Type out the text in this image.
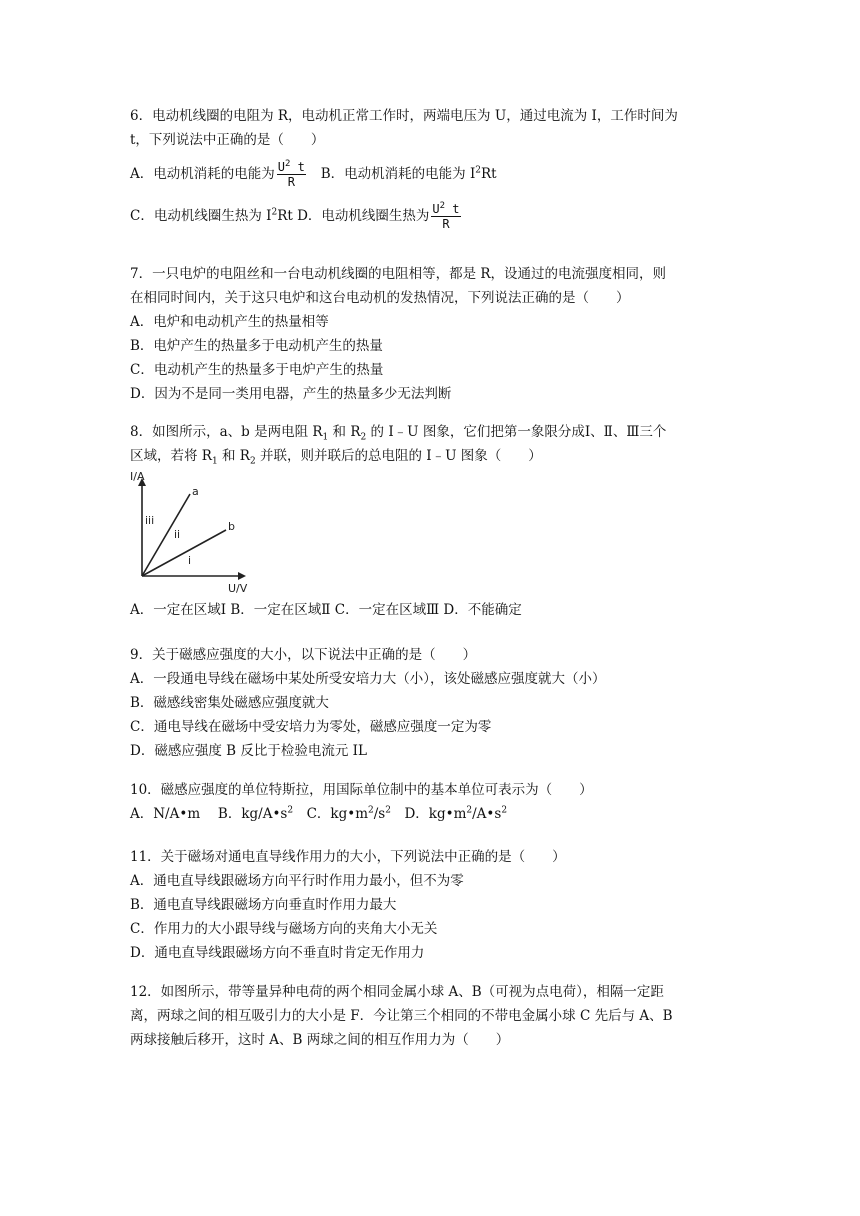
6．电动机线圈的电阻为 R，电动机正常工作时，两端电压为 U，通过电流为 I，工作时间为
t，下列说法中正确的是（　　）
A．电动机消耗的电能为 $\frac{U^2 t}{R}$ B．电动机消耗的电能为 $I^2Rt$
C．电动机线圈生热为 $I^2Rt$ D．电动机线圈生热为 $\frac{U^2 t}{R}$
7．一只电炉的电阻丝和一台电动机线圈的电阻相等，都是 R，设通过的电流强度相同，则
在相同时间内，关于这只电炉和这台电动机的发热情况，下列说法正确的是（　　）
A．电炉和电动机产生的热量相等
B．电炉产生的热量多于电动机产生的热量
C．电动机产生的热量多于电炉产生的热量
D．因为不是同一类用电器，产生的热量多少无法判断
8．如图所示，a、b 是两电阻 $R_1$ 和 $R_2$ 的 I﹣U 图象，它们把第一象限分成Ⅰ、Ⅱ、Ⅲ三个
区域，若将 $R_1$ 和 $R_2$ 并联，则并联后的总电阻的 I﹣U 图象（　　）
I/A
U/V
a
b
iii
ii
i
A．一定在区域Ⅰ B．一定在区域Ⅱ C．一定在区域Ⅲ D．不能确定
9．关于磁感应强度的大小，以下说法中正确的是（　　）
A．一段通电导线在磁场中某处所受安培力大（小），该处磁感应强度就大（小）
B．磁感线密集处磁感应强度就大
C．通电导线在磁场中受安培力为零处，磁感应强度一定为零
D．磁感应强度 B 反比于检验电流元 IL
10．磁感应强度的单位特斯拉，用国际单位制中的基本单位可表示为（　　）
A．N/A•m　 B．$kg/A•s^2$　C．$kg•m^2/s^2$　D．$kg•m^2/A•s^2$
11．关于磁场对通电直导线作用力的大小，下列说法中正确的是（　　）
A．通电直导线跟磁场方向平行时作用力最小，但不为零
B．通电直导线跟磁场方向垂直时作用力最大
C．作用力的大小跟导线与磁场方向的夹角大小无关
D．通电直导线跟磁场方向不垂直时肯定无作用力
12．如图所示，带等量异种电荷的两个相同金属小球 A、B（可视为点电荷），相隔一定距
离，两球之间的相互吸引力的大小是 F．今让第三个相同的不带电金属小球 C 先后与 A、B
两球接触后移开，这时 A、B 两球之间的相互作用力为（　　）
